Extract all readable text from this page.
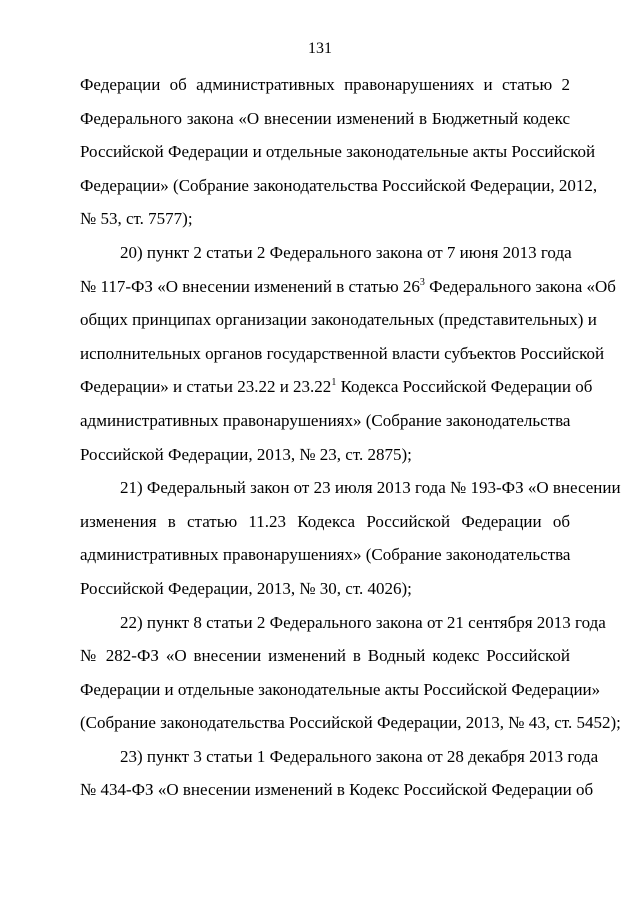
131
Федерации об административных правонарушениях и статью 2
Федерального закона «О внесении изменений в Бюджетный кодекс
Российской Федерации и отдельные законодательные акты Российской
Федерации» (Собрание законодательства Российской Федерации, 2012,
№ 53, ст. 7577);
20) пункт 2 статьи 2 Федерального закона от 7 июня 2013 года
№ 117-ФЗ «О внесении изменений в статью $26^3$ Федерального закона «Об
общих принципах организации законодательных (представительных) и
исполнительных органов государственной власти субъектов Российской
Федерации» и статьи 23.22 и 23.22$^1$ Кодекса Российской Федерации об
административных правонарушениях» (Собрание законодательства
Российской Федерации, 2013, № 23, ст. 2875);
21) Федеральный закон от 23 июля 2013 года № 193-ФЗ «О внесении
изменения в статью 11.23 Кодекса Российской Федерации об
административных правонарушениях» (Собрание законодательства
Российской Федерации, 2013, № 30, ст. 4026);
22) пункт 8 статьи 2 Федерального закона от 21 сентября 2013 года
№ 282-ФЗ «О внесении изменений в Водный кодекс Российской
Федерации и отдельные законодательные акты Российской Федерации»
(Собрание законодательства Российской Федерации, 2013, № 43, ст. 5452);
23) пункт 3 статьи 1 Федерального закона от 28 декабря 2013 года
№ 434-ФЗ «О внесении изменений в Кодекс Российской Федерации об
